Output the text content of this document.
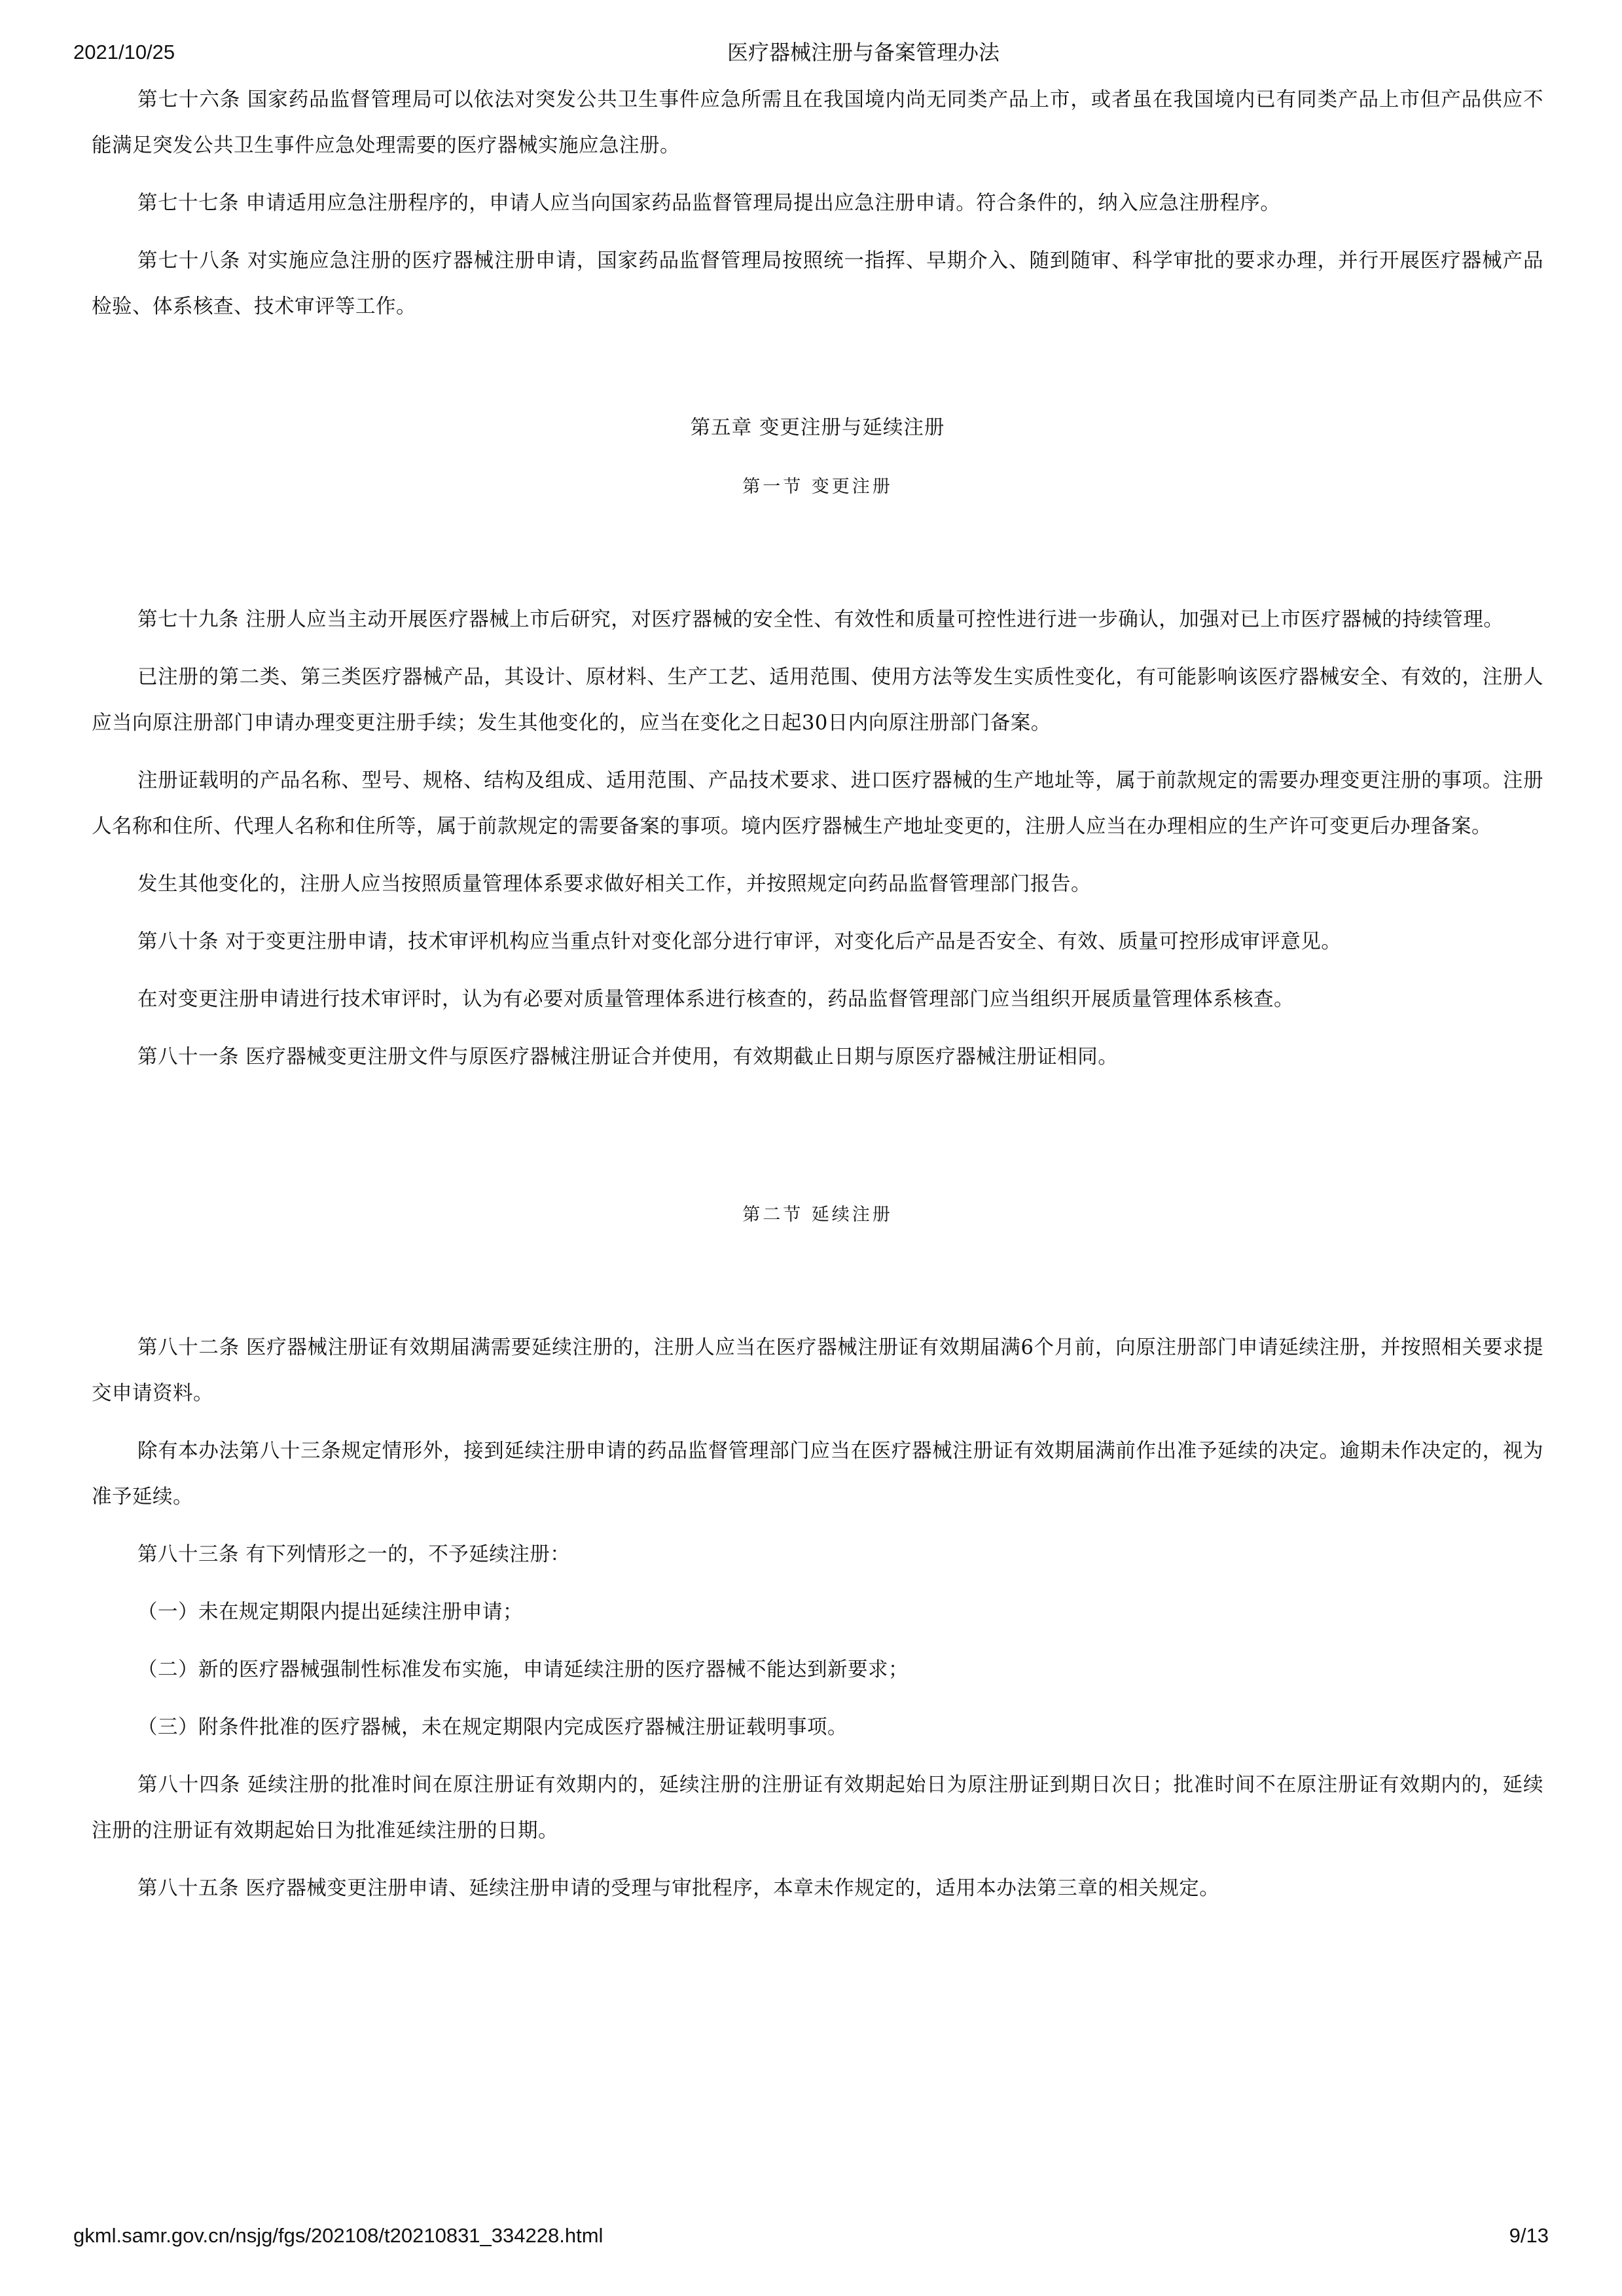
2021/10/25	医疗器械注册与备案管理办法

第七十六条 国家药品监督管理局可以依法对突发公共卫生事件应急所需且在我国境内尚无同类产品上市，或者虽在我国境内已有同类产品上市但产品供应不能满足突发公共卫生事件应急处理需要的医疗器械实施应急注册。

第七十七条 申请适用应急注册程序的，申请人应当向国家药品监督管理局提出应急注册申请。符合条件的，纳入应急注册程序。

第七十八条 对实施应急注册的医疗器械注册申请，国家药品监督管理局按照统一指挥、早期介入、随到随审、科学审批的要求办理，并行开展医疗器械产品检验、体系核查、技术审评等工作。

第五章 变更注册与延续注册
第一节 变更注册

第七十九条 注册人应当主动开展医疗器械上市后研究，对医疗器械的安全性、有效性和质量可控性进行进一步确认，加强对已上市医疗器械的持续管理。

已注册的第二类、第三类医疗器械产品，其设计、原材料、生产工艺、适用范围、使用方法等发生实质性变化，有可能影响该医疗器械安全、有效的，注册人应当向原注册部门申请办理变更注册手续；发生其他变化的，应当在变化之日起30日内向原注册部门备案。

注册证载明的产品名称、型号、规格、结构及组成、适用范围、产品技术要求、进口医疗器械的生产地址等，属于前款规定的需要办理变更注册的事项。注册人名称和住所、代理人名称和住所等，属于前款规定的需要备案的事项。境内医疗器械生产地址变更的，注册人应当在办理相应的生产许可变更后办理备案。

发生其他变化的，注册人应当按照质量管理体系要求做好相关工作，并按照规定向药品监督管理部门报告。

第八十条 对于变更注册申请，技术审评机构应当重点针对变化部分进行审评，对变化后产品是否安全、有效、质量可控形成审评意见。

在对变更注册申请进行技术审评时，认为有必要对质量管理体系进行核查的，药品监督管理部门应当组织开展质量管理体系核查。

第八十一条 医疗器械变更注册文件与原医疗器械注册证合并使用，有效期截止日期与原医疗器械注册证相同。

第二节 延续注册

第八十二条 医疗器械注册证有效期届满需要延续注册的，注册人应当在医疗器械注册证有效期届满6个月前，向原注册部门申请延续注册，并按照相关要求提交申请资料。

除有本办法第八十三条规定情形外，接到延续注册申请的药品监督管理部门应当在医疗器械注册证有效期届满前作出准予延续的决定。逾期未作决定的，视为准予延续。

第八十三条 有下列情形之一的，不予延续注册：

（一）未在规定期限内提出延续注册申请；

（二）新的医疗器械强制性标准发布实施，申请延续注册的医疗器械不能达到新要求；

（三）附条件批准的医疗器械，未在规定期限内完成医疗器械注册证载明事项。

第八十四条 延续注册的批准时间在原注册证有效期内的，延续注册的注册证有效期起始日为原注册证到期日次日；批准时间不在原注册证有效期内的，延续注册的注册证有效期起始日为批准延续注册的日期。

第八十五条 医疗器械变更注册申请、延续注册申请的受理与审批程序，本章未作规定的，适用本办法第三章的相关规定。

gkml.samr.gov.cn/nsjg/fgs/202108/t20210831_334228.html	9/13
